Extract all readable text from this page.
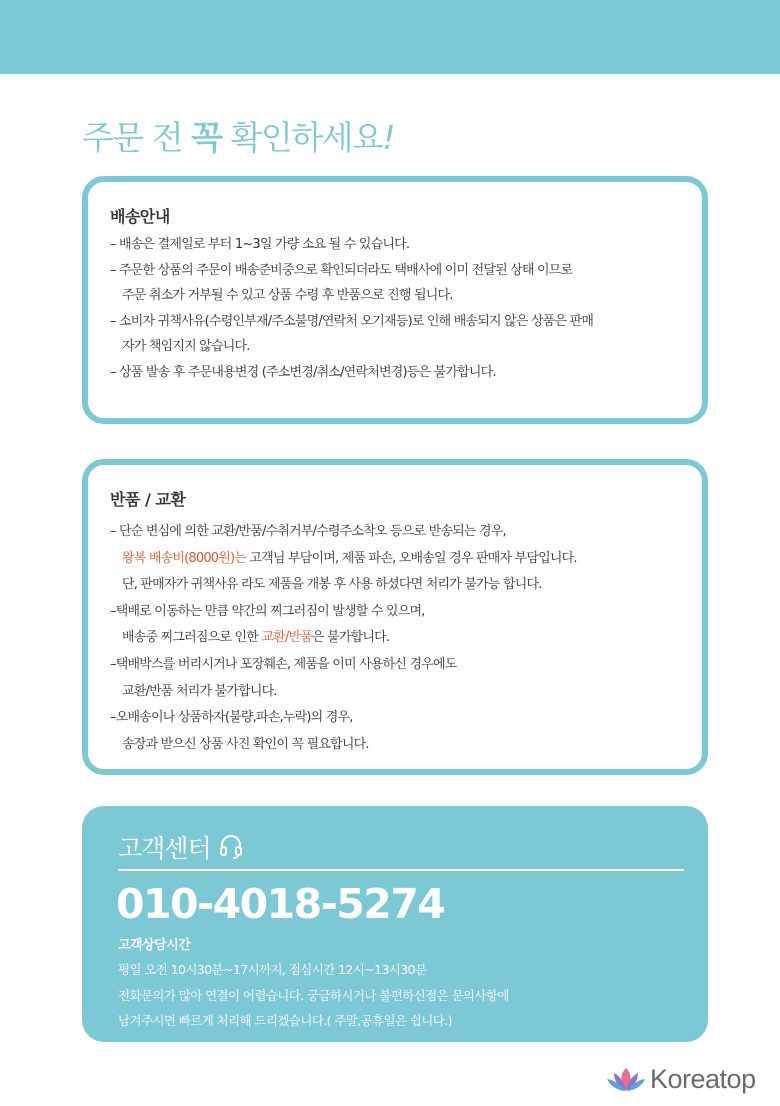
주문 전 꼭 확인하세요!
배송안내
– 배송은 결제일로 부터 1~3일 가량 소요 될 수 있습니다.
– 주문한 상품의 주문이 배송준비중으로 확인되더라도 택배사에 이미 전달된 상태 이므로
주문 취소가 거부될 수 있고 상품 수령 후 반품으로 진행 됩니다.
– 소비자 귀책사유(수령인부재/주소불명/연락처 오기재등)로 인해 배송되지 않은 상품은 판매
자가 책임지지 않습니다.
– 상품 발송 후 주문내용변경 (주소변경/취소/연락처변경)등은 불가합니다.
반품 / 교환
– 단순 변심에 의한 교환/반품/수취거부/수령주소착오 등으로 반송되는 경우,
왕복 배송비(8000원)는 고객님 부담이며, 제품 파손, 오배송일 경우 판매자 부담입니다.
단, 판매자가 귀책사유 라도 제품을 개봉 후 사용 하셨다면 처리가 불가능 합니다.
–택배로 이동하는 만큼 약간의 찌그러짐이 발생할 수 있으며,
배송중 찌그러짐으로 인한 교환/반품은 불가합니다.
–택배박스를 버리시거나 포장훼손, 제품을 이미 사용하신 경우에도
교환/반품 처리가 불가합니다.
–오배송이나 상품하자(불량,파손,누락)의 경우,
송장과 받으신 상품 사진 확인이 꼭 필요합니다.
고객센터
010-4018-5274
고객상담시간
평일 오전 10시30분~17시까지, 점심시간 12시~13시30분
전화문의가 많아 연결이 어렵습니다. 궁금하시거나 불편하신점은 문의사항에
남겨주시면 빠르게 처리해 드리겠습니다.( 주말,공휴일은 쉽니다.)
Koreatop
